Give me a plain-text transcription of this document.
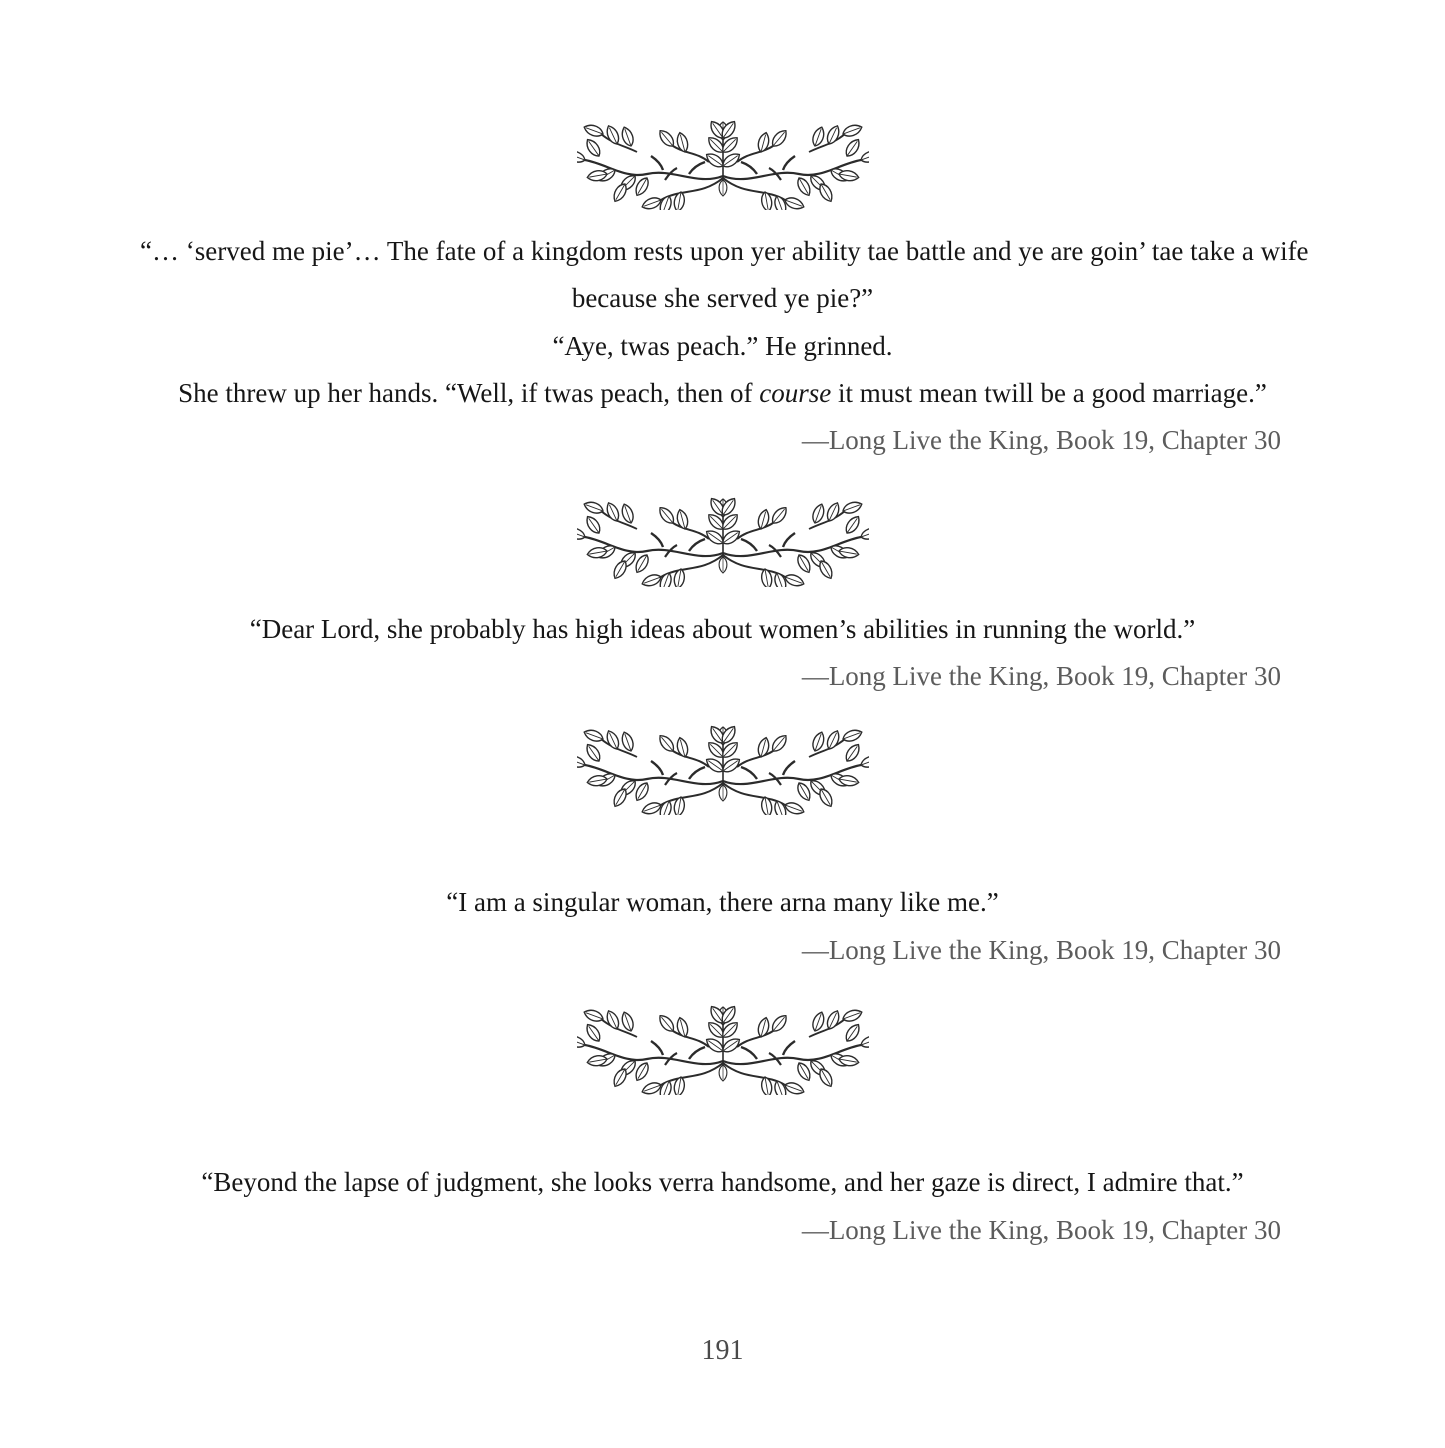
“… ‘served me pie’… The fate of a kingdom rests upon yer ability tae battle and ye are goin’ tae take a wife
because she served ye pie?”
“Aye, twas peach.” He grinned.
She threw up her hands. “Well, if twas peach, then of course it must mean twill be a good marriage.”
—Long Live the King, Book 19, Chapter 30
“Dear Lord, she probably has high ideas about women’s abilities in running the world.”
—Long Live the King, Book 19, Chapter 30
“I am a singular woman, there arna many like me.”
—Long Live the King, Book 19, Chapter 30
“Beyond the lapse of judgment, she looks verra handsome, and her gaze is direct, I admire that.”
—Long Live the King, Book 19, Chapter 30
191
